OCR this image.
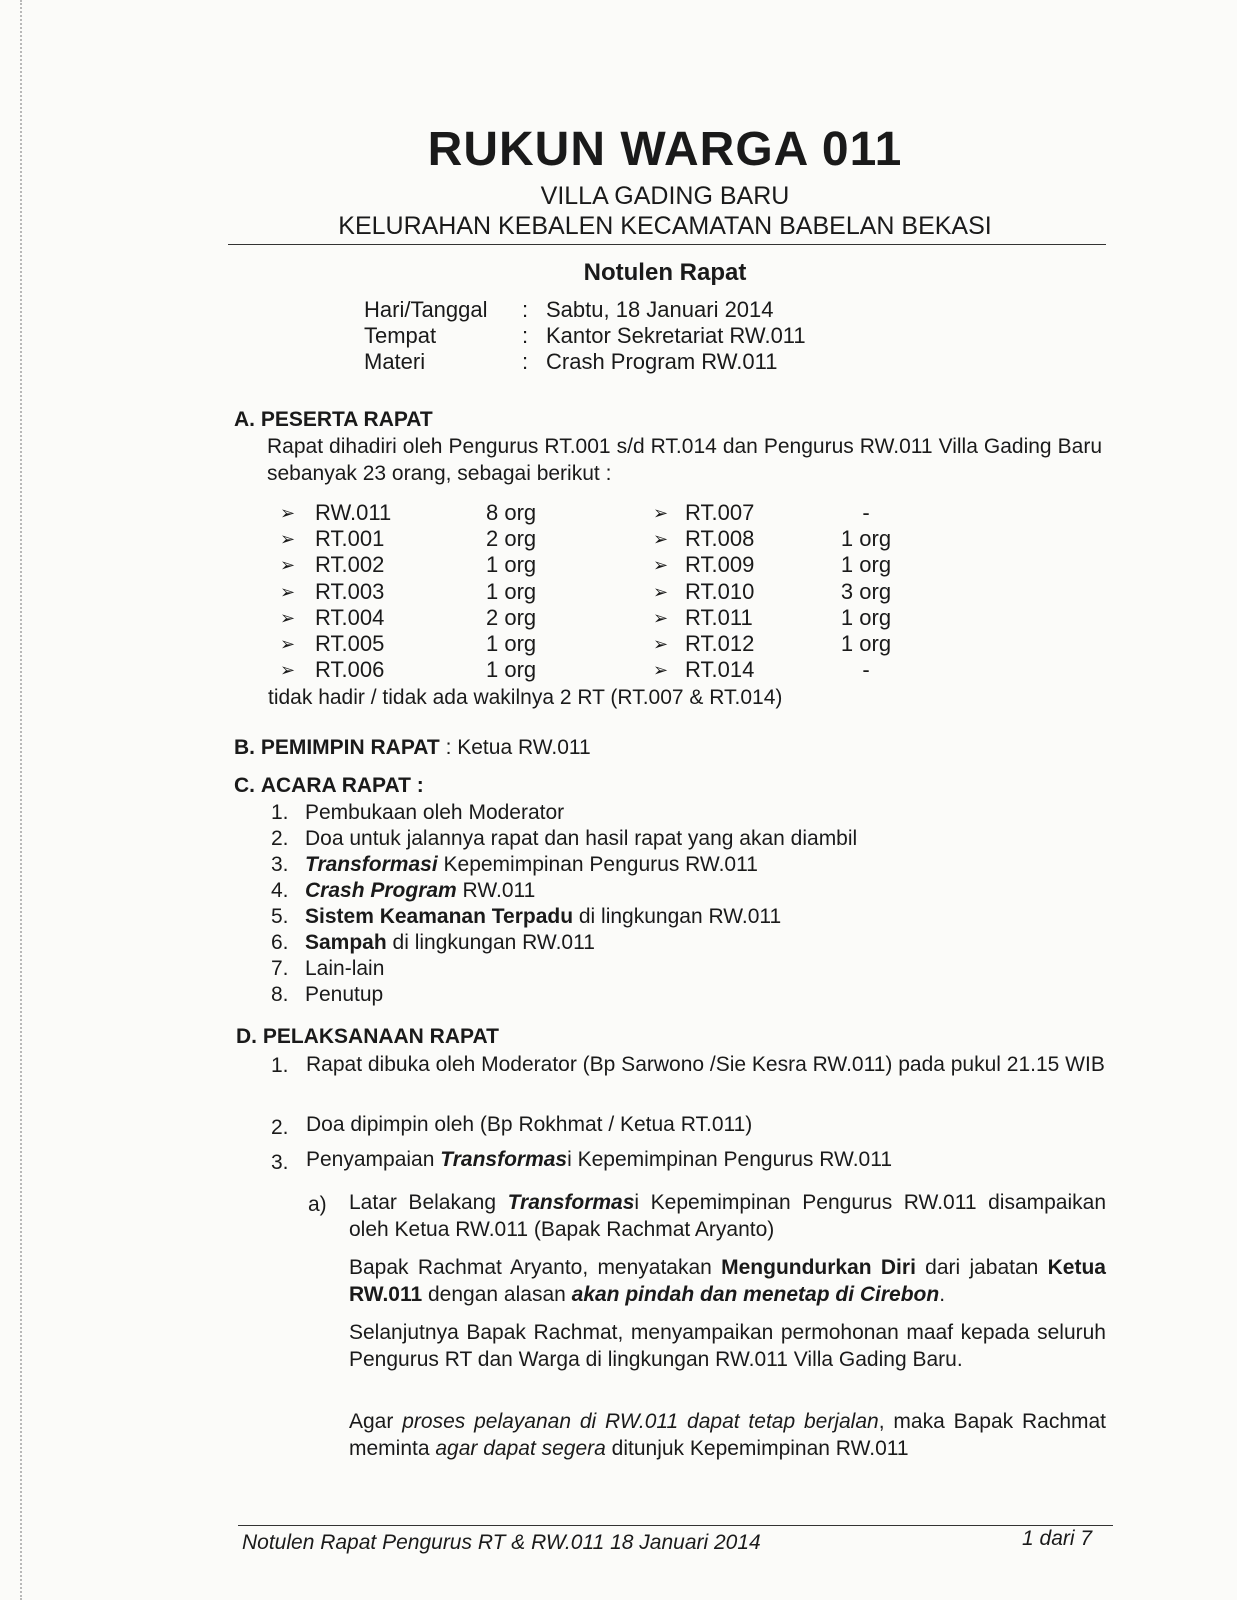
RUKUN WARGA 011
VILLA GADING BARU
KELURAHAN KEBALEN KECAMATAN BABELAN BEKASI
Notulen Rapat
Hari/Tanggal : Sabtu, 18 Januari 2014
Tempat	: Kantor Sekretariat RW.011
Materi	: Crash Program RW.011
A. PESERTA RAPAT
Rapat dihadiri oleh Pengurus RT.001 s/d RT.014 dan Pengurus RW.011 Villa Gading Baru sebanyak 23 orang, sebagai berikut :
➢ RW.011	8 org
➢ RT.001	2 org
➢ RT.002	1 org
➢ RT.003	1 org
➢ RT.004	2 org
➢ RT.005	1 org
➢ RT.006	1 org
➢ RT.007	-
➢ RT.008	1 org
➢ RT.009	1 org
➢ RT.010	3 org
➢ RT.011	1 org
➢ RT.012	1 org
➢ RT.014	-
tidak hadir / tidak ada wakilnya 2 RT (RT.007 & RT.014)
B. PEMIMPIN RAPAT : Ketua RW.011
C. ACARA RAPAT :
1. Pembukaan oleh Moderator
2. Doa untuk jalannya rapat dan hasil rapat yang akan diambil
3. Transformasi Kepemimpinan Pengurus RW.011
4. Crash Program RW.011
5. Sistem Keamanan Terpadu di lingkungan RW.011
6. Sampah di lingkungan RW.011
7. Lain-lain
8. Penutup
D. PELAKSANAAN RAPAT
1. Rapat dibuka oleh Moderator (Bp Sarwono /Sie Kesra RW.011) pada pukul 21.15 WIB
2. Doa dipimpin oleh (Bp Rokhmat / Ketua RT.011)
3. Penyampaian Transformasi Kepemimpinan Pengurus RW.011
a) Latar Belakang Transformasi Kepemimpinan Pengurus RW.011 disampaikan oleh Ketua RW.011 (Bapak Rachmat Aryanto)
Bapak Rachmat Aryanto, menyatakan Mengundurkan Diri dari jabatan Ketua RW.011 dengan alasan akan pindah dan menetap di Cirebon.
Selanjutnya Bapak Rachmat, menyampaikan permohonan maaf kepada seluruh Pengurus RT dan Warga di lingkungan RW.011 Villa Gading Baru.
Agar proses pelayanan di RW.011 dapat tetap berjalan, maka Bapak Rachmat meminta agar dapat segera ditunjuk Kepemimpinan RW.011
Notulen Rapat Pengurus RT & RW.011 18 Januari 2014	1 dari 7
